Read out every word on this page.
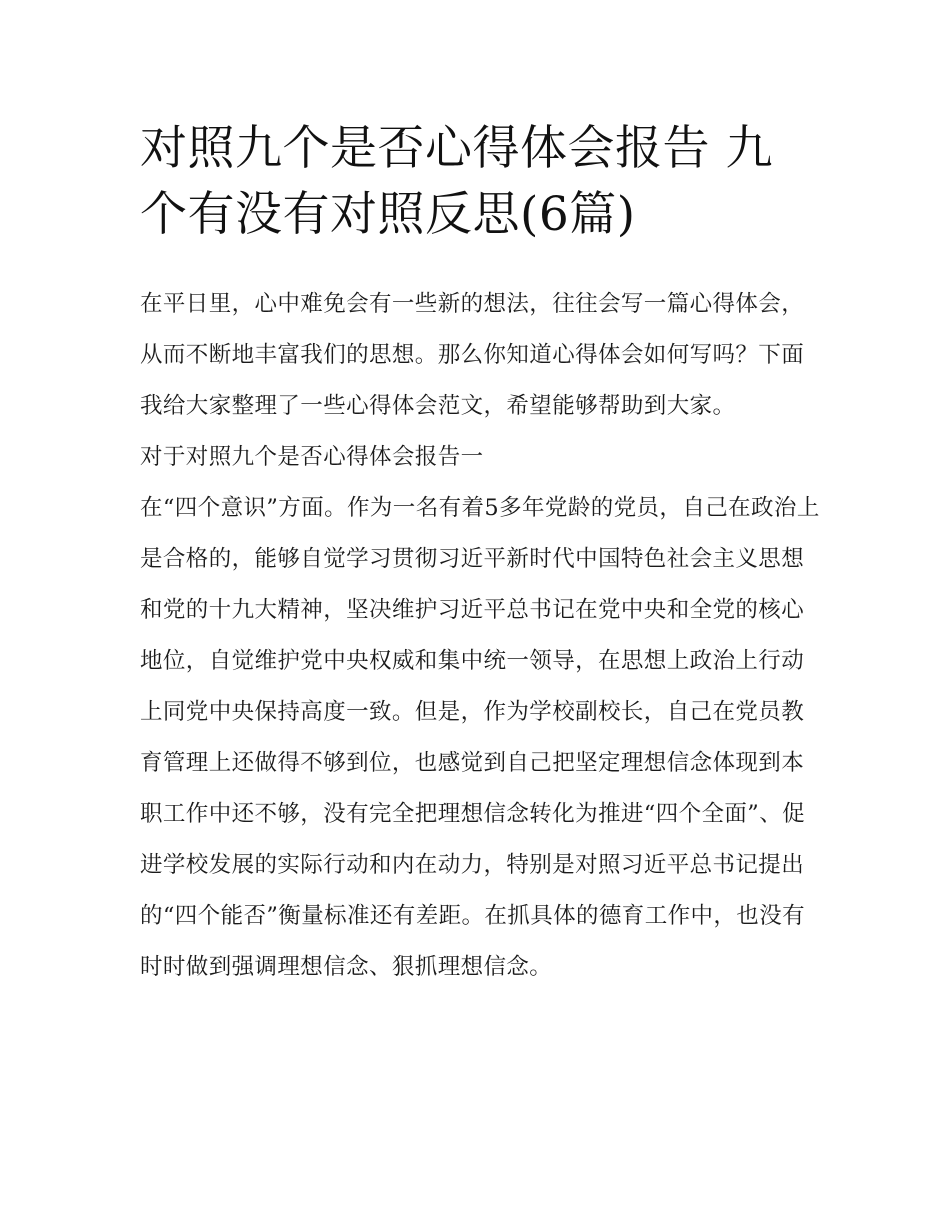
对照九个是否心得体会报告 九个有没有对照反思(6篇)

在平日里，心中难免会有一些新的想法，往往会写一篇心得体会，从而不断地丰富我们的思想。那么你知道心得体会如何写吗？下面我给大家整理了一些心得体会范文，希望能够帮助到大家。

对于对照九个是否心得体会报告一

在“四个意识”方面。作为一名有着5多年党龄的党员，自己在政治上是合格的，能够自觉学习贯彻习近平新时代中国特色社会主义思想和党的十九大精神，坚决维护习近平总书记在党中央和全党的核心地位，自觉维护党中央权威和集中统一领导，在思想上政治上行动上同党中央保持高度一致。但是，作为学校副校长，自己在党员教育管理上还做得不够到位，也感觉到自己把坚定理想信念体现到本职工作中还不够，没有完全把理想信念转化为推进“四个全面”、促进学校发展的实际行动和内在动力，特别是对照习近平总书记提出的“四个能否”衡量标准还有差距。在抓具体的德育工作中，也没有时时做到强调理想信念、狠抓理想信念。
